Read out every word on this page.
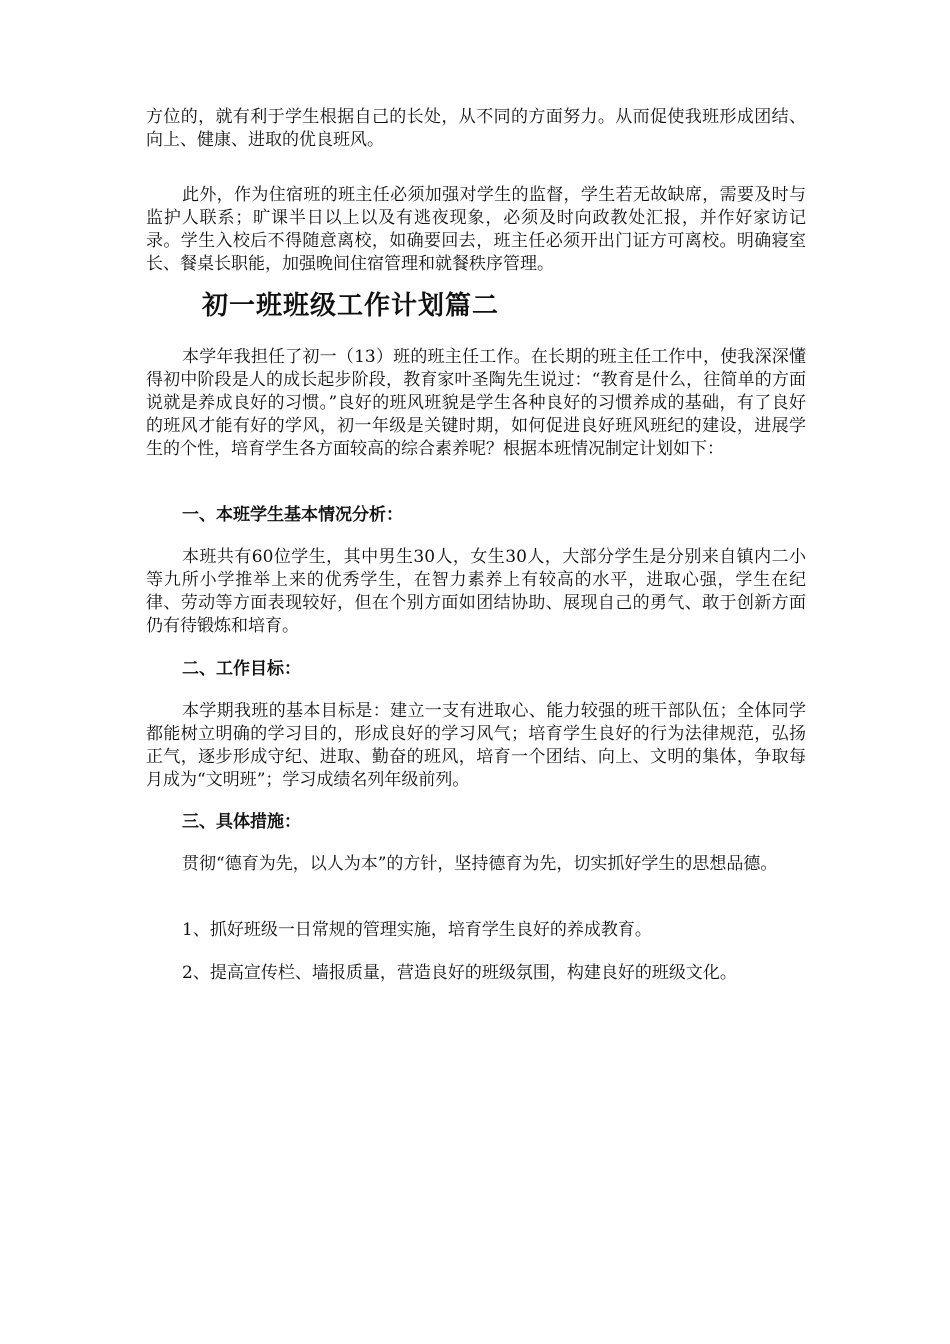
方位的，就有利于学生根据自己的长处，从不同的方面努力。从而促使我班形成团结、向上、健康、进取的优良班风。

此外，作为住宿班的班主任必须加强对学生的监督，学生若无故缺席，需要及时与监护人联系；旷课半日以上以及有逃夜现象，必须及时向政教处汇报，并作好家访记录。学生入校后不得随意离校，如确要回去，班主任必须开出门证方可离校。明确寝室长、餐桌长职能，加强晚间住宿管理和就餐秩序管理。

初一班班级工作计划篇二

本学年我担任了初一（13）班的班主任工作。在长期的班主任工作中，使我深深懂得初中阶段是人的成长起步阶段，教育家叶圣陶先生说过：“教育是什么，往简单的方面说就是养成良好的习惯。”良好的班风班貌是学生各种良好的习惯养成的基础，有了良好的班风才能有好的学风，初一年级是关键时期，如何促进良好班风班纪的建设，进展学生的个性，培育学生各方面较高的综合素养呢？根据本班情况制定计划如下：

一、本班学生基本情况分析：

本班共有60位学生，其中男生30人，女生30人，大部分学生是分别来自镇内二小等九所小学推举上来的优秀学生，在智力素养上有较高的水平，进取心强，学生在纪律、劳动等方面表现较好，但在个别方面如团结协助、展现自己的勇气、敢于创新方面仍有待锻炼和培育。

二、工作目标：

本学期我班的基本目标是：建立一支有进取心、能力较强的班干部队伍；全体同学都能树立明确的学习目的，形成良好的学习风气；培育学生良好的行为法律规范，弘扬正气，逐步形成守纪、进取、勤奋的班风，培育一个团结、向上、文明的集体，争取每月成为“文明班”；学习成绩名列年级前列。

三、具体措施：

贯彻“德育为先，以人为本”的方针，坚持德育为先，切实抓好学生的思想品德。

1、抓好班级一日常规的管理实施，培育学生良好的养成教育。

2、提高宣传栏、墙报质量，营造良好的班级氛围，构建良好的班级文化。
